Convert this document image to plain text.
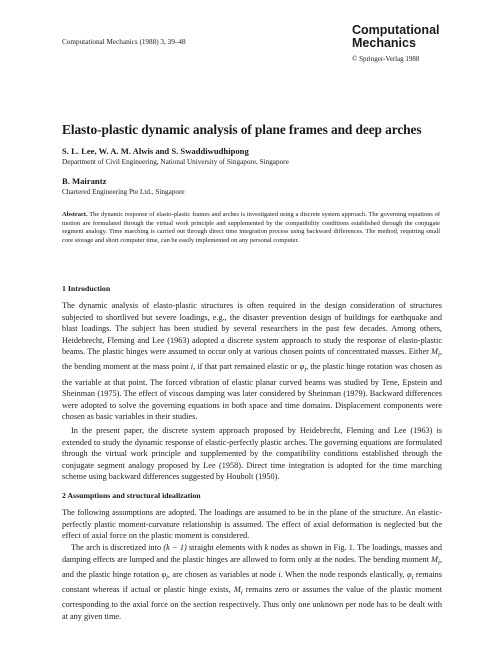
Computational Mechanics (1988) 3, 39–48
Computational
Mechanics
© Springer-Verlag 1988
Elasto-plastic dynamic analysis of plane frames and deep arches
S. L. Lee, W. A. M. Alwis and S. Swaddiwudhipong
Department of Civil Engineering, National University of Singapore, Singapore
B. Mairantz
Chartered Engineering Pte Ltd., Singapore
Abstract. The dynamic response of elasto-plastic frames and arches is investigated using a discrete system approach. The governing equations of motion are formulated through the virtual work principle and supplemented by the compatibility conditions established through the conjugate segment analogy. Time marching is carried out through direct time integration process using backward differences. The method, requiring small core storage and short computer time, can be easily implemented on any personal computer.
1 Introduction
The dynamic analysis of elasto-plastic structures is often required in the design consideration of structures subjected to shortlived but severe loadings, e.g., the disaster prevention design of buildings for earthquake and blast loadings. The subject has been studied by several researchers in the past few decades. Among others, Heidebrecht, Fleming and Lee (1963) adopted a discrete system approach to study the response of elasto-plastic beams. The plastic hinges were assumed to occur only at various chosen points of concentrated masses. Either $M_i$, the bending moment at the mass point i, if that part remained elastic or $\varphi_i$, the plastic hinge rotation was chosen as the variable at that point. The forced vibration of elastic planar curved beams was studied by Tene, Epstein and Sheinman (1975). The effect of viscous damping was later considered by Sheinman (1979). Backward differences were adopted to solve the governing equations in both space and time domains. Displacement components were chosen as basic variables in their studies.
In the present paper, the discrete system approach proposed by Heidebrecht, Fleming and Lee (1963) is extended to study the dynamic response of elastic-perfectly plastic arches. The governing equations are formulated through the virtual work principle and supplemented by the compatibility conditions established through the conjugate segment analogy proposed by Lee (1958). Direct time integration is adopted for the time marching scheme using backward differences suggested by Houbolt (1950).
2 Assumptions and structural idealization
The following assumptions are adopted. The loadings are assumed to be in the plane of the structure. An elastic-perfectly plastic moment-curvature relationship is assumed. The effect of axial deformation is neglected but the effect of axial force on the plastic moment is considered.
The arch is discretized into (k − 1) straight elements with k nodes as shown in Fig. 1. The loadings, masses and damping effects are lumped and the plastic hinges are allowed to form only at the nodes. The bending moment $M_i$, and the plastic hinge rotation $\varphi_i$, are chosen as variables at node i. When the node responds elastically, $\varphi_i$ remains constant whereas if actual or plastic hinge exists, $M_i$ remains zero or assumes the value of the plastic moment corresponding to the axial force on the section respectively. Thus only one unknown per node has to be dealt with at any given time.
